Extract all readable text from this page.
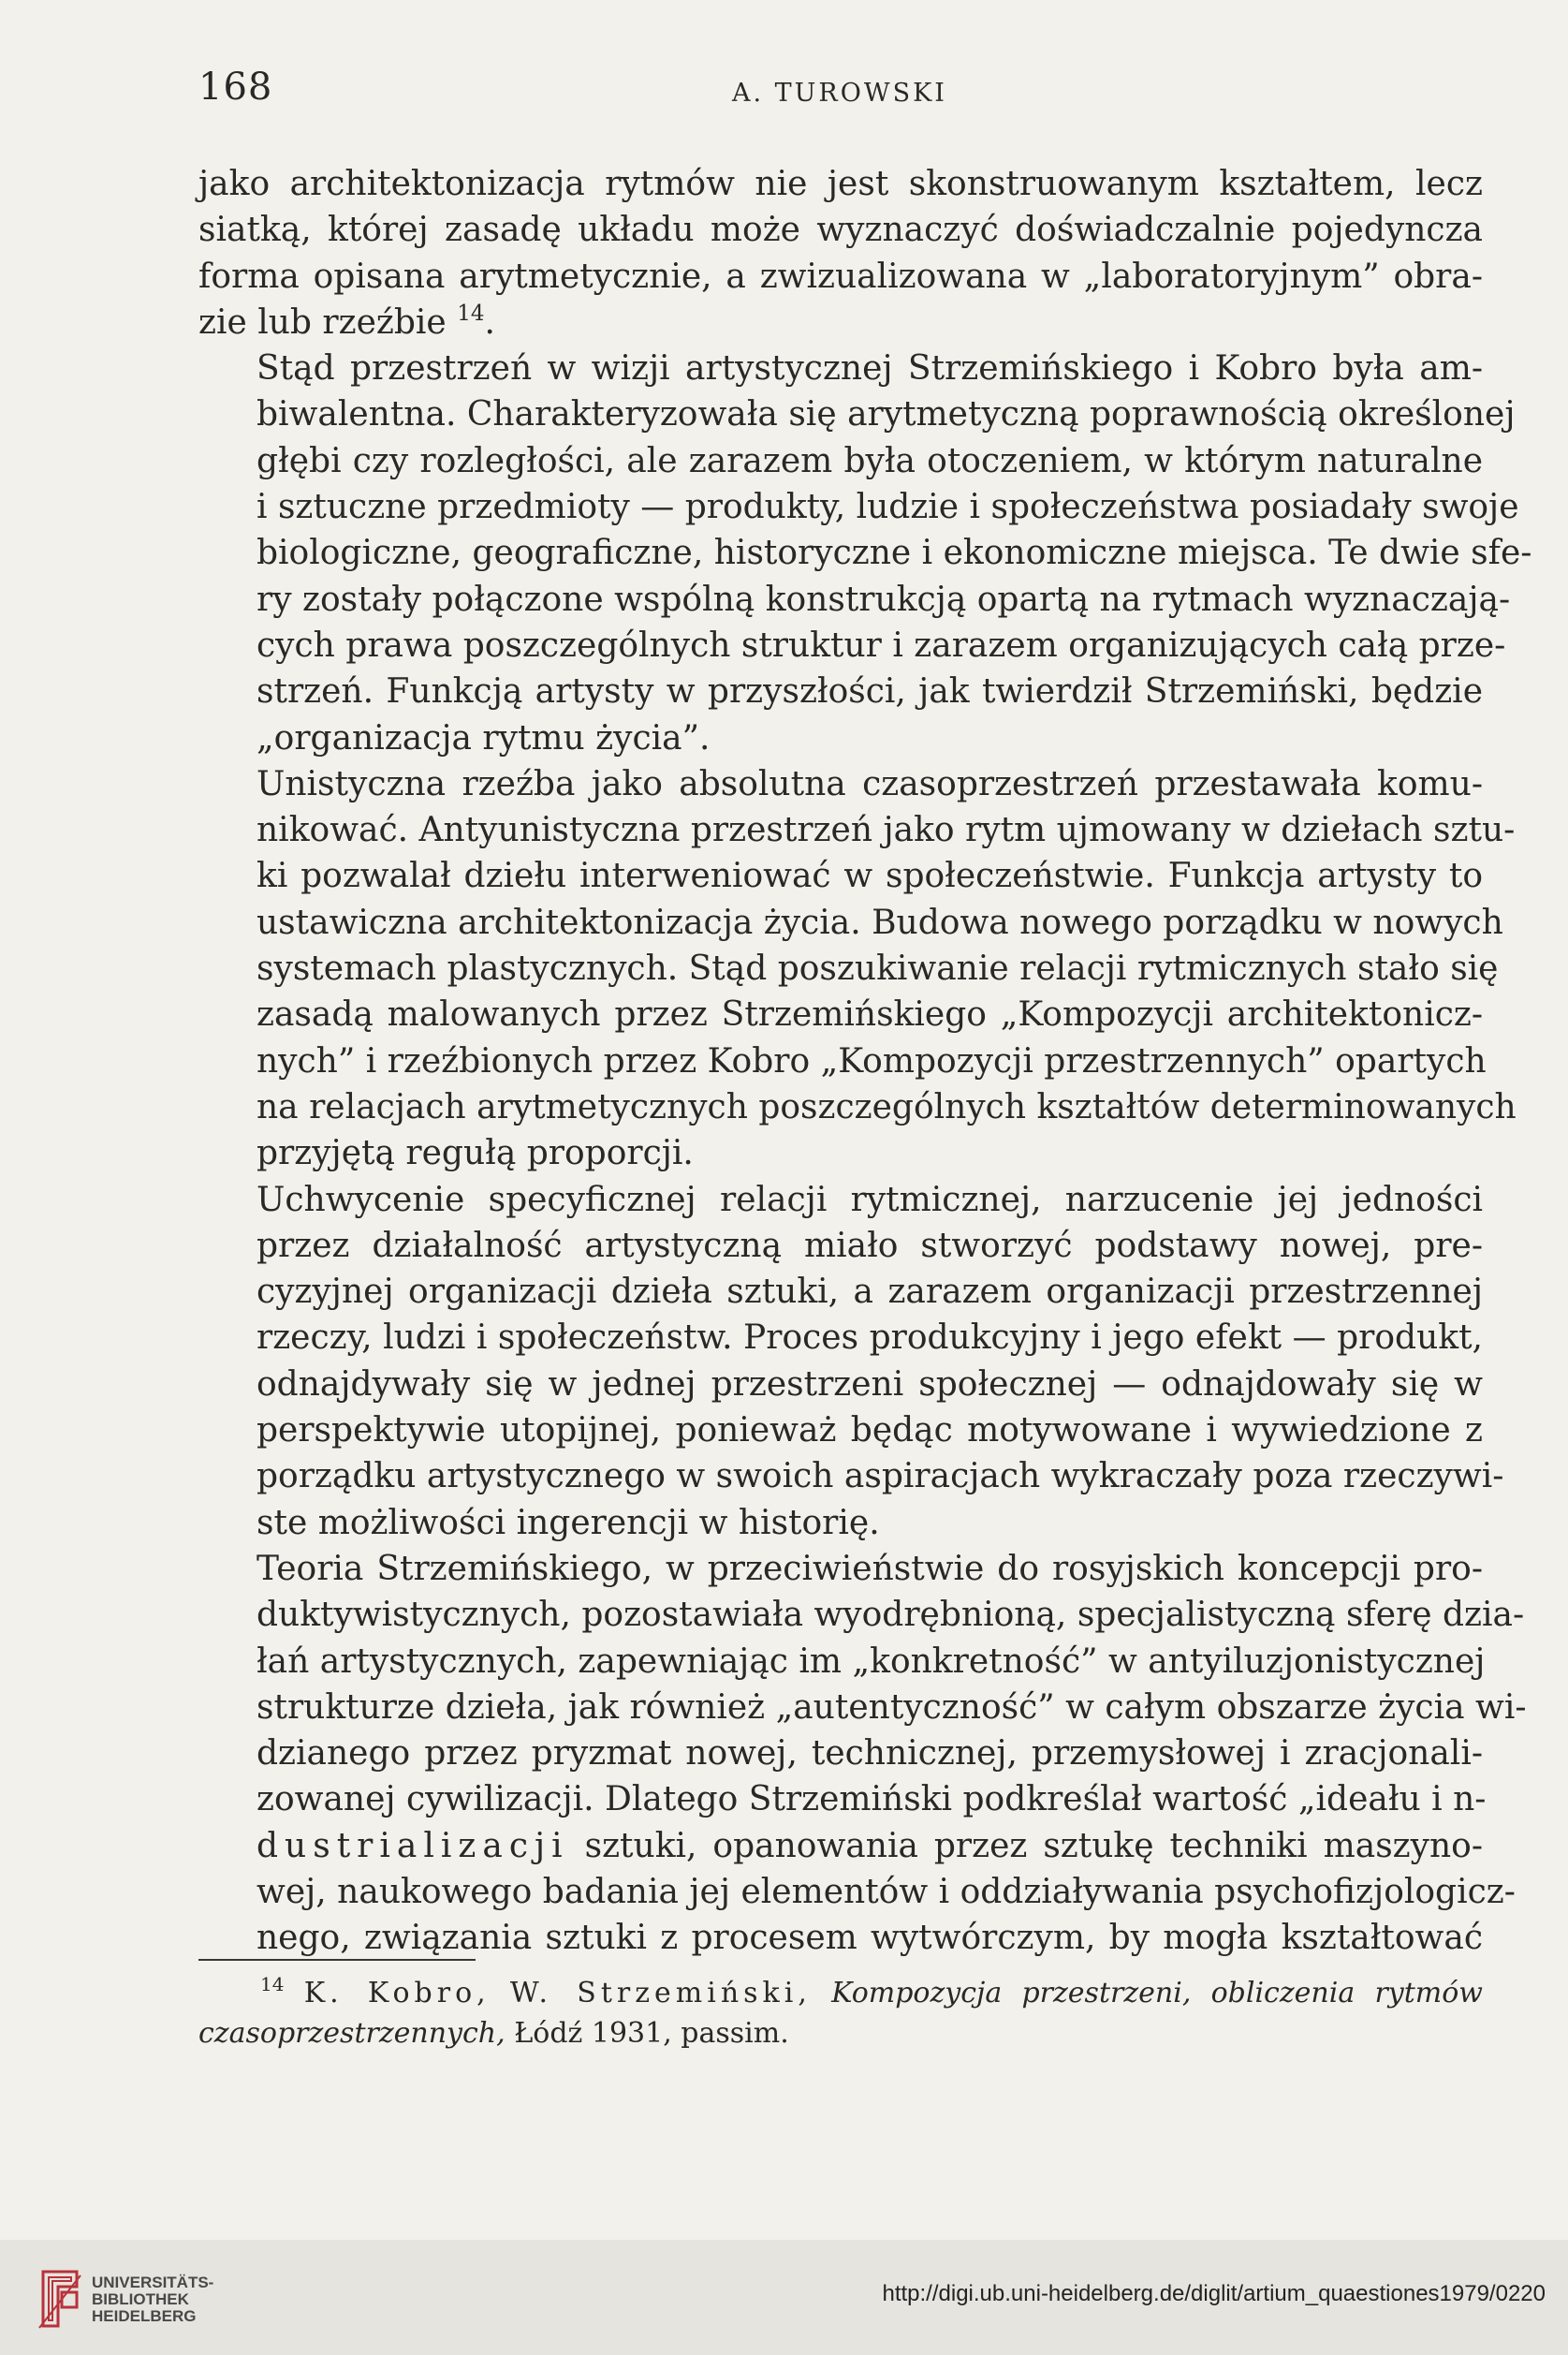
168	A. TUROWSKI

jako architektonizacja rytmów nie jest skonstruowanym kształtem, lecz
siatką, której zasadę układu może wyznaczyć doświadczalnie pojedyncza
forma opisana arytmetycznie, a zwizualizowana w „laboratoryjnym” obra-
zie lub rzeźbie $^{14}$.

Stąd przestrzeń w wizji artystycznej Strzemińskiego i Kobro była am-
biwalentna. Charakteryzowała się arytmetyczną poprawnością określonej
głębi czy rozległości, ale zarazem była otoczeniem, w którym naturalne
i sztuczne przedmioty — produkty, ludzie i społeczeństwa posiadały swoje
biologiczne, geograficzne, historyczne i ekonomiczne miejsca. Te dwie sfe-
ry zostały połączone wspólną konstrukcją opartą na rytmach wyznaczają-
cych prawa poszczególnych struktur i zarazem organizujących całą prze-
strzeń. Funkcją artysty w przyszłości, jak twierdził Strzemiński, będzie
„organizacja rytmu życia”.

Unistyczna rzeźba jako absolutna czasoprzestrzeń przestawała komu-
nikować. Antyunistyczna przestrzeń jako rytm ujmowany w dziełach sztu-
ki pozwalał dziełu interweniować w społeczeństwie. Funkcja artysty to
ustawiczna architektonizacja życia. Budowa nowego porządku w nowych
systemach plastycznych. Stąd poszukiwanie relacji rytmicznych stało się
zasadą malowanych przez Strzemińskiego „Kompozycji architektonicz-
nych” i rzeźbionych przez Kobro „Kompozycji przestrzennych” opartych
na relacjach arytmetycznych poszczególnych kształtów determinowanych
przyjętą regułą proporcji.

Uchwycenie specyficznej relacji rytmicznej, narzucenie jej jedności
przez działalność artystyczną miało stworzyć podstawy nowej, pre-
cyzyjnej organizacji dzieła sztuki, a zarazem organizacji przestrzennej
rzeczy, ludzi i społeczeństw. Proces produkcyjny i jego efekt — produkt,
odnajdywały się w jednej przestrzeni społecznej — odnajdowały się w
perspektywie utopijnej, ponieważ będąc motywowane i wywiedzione z
porządku artystycznego w swoich aspiracjach wykraczały poza rzeczywi-
ste możliwości ingerencji w historię.

Teoria Strzemińskiego, w przeciwieństwie do rosyjskich koncepcji pro-
duktywistycznych, pozostawiała wyodrębnioną, specjalistyczną sferę dzia-
łań artystycznych, zapewniając im „konkretność” w antyiluzjonistycznej
strukturze dzieła, jak również „autentyczność” w całym obszarze życia wi-
dzianego przez pryzmat nowej, technicznej, przemysłowej i zracjonali-
zowanej cywilizacji. Dlatego Strzemiński podkreślał wartość „ideału i n-
dustrializacji sztuki, opanowania przez sztukę techniki maszyno-
wej, naukowego badania jej elementów i oddziaływania psychofizjologicz-
nego, związania sztuki z procesem wytwórczym, by mogła kształtować

$^{14}$ K. Kobro, W. Strzemiński, Kompozycja przestrzeni, obliczenia rytmów
czasoprzestrzennych, Łódź 1931, passim.
UNIVERSITÄTS-
BIBLIOTHEK
HEIDELBERG
http://digi.ub.uni-heidelberg.de/diglit/artium_quaestiones1979/0220
